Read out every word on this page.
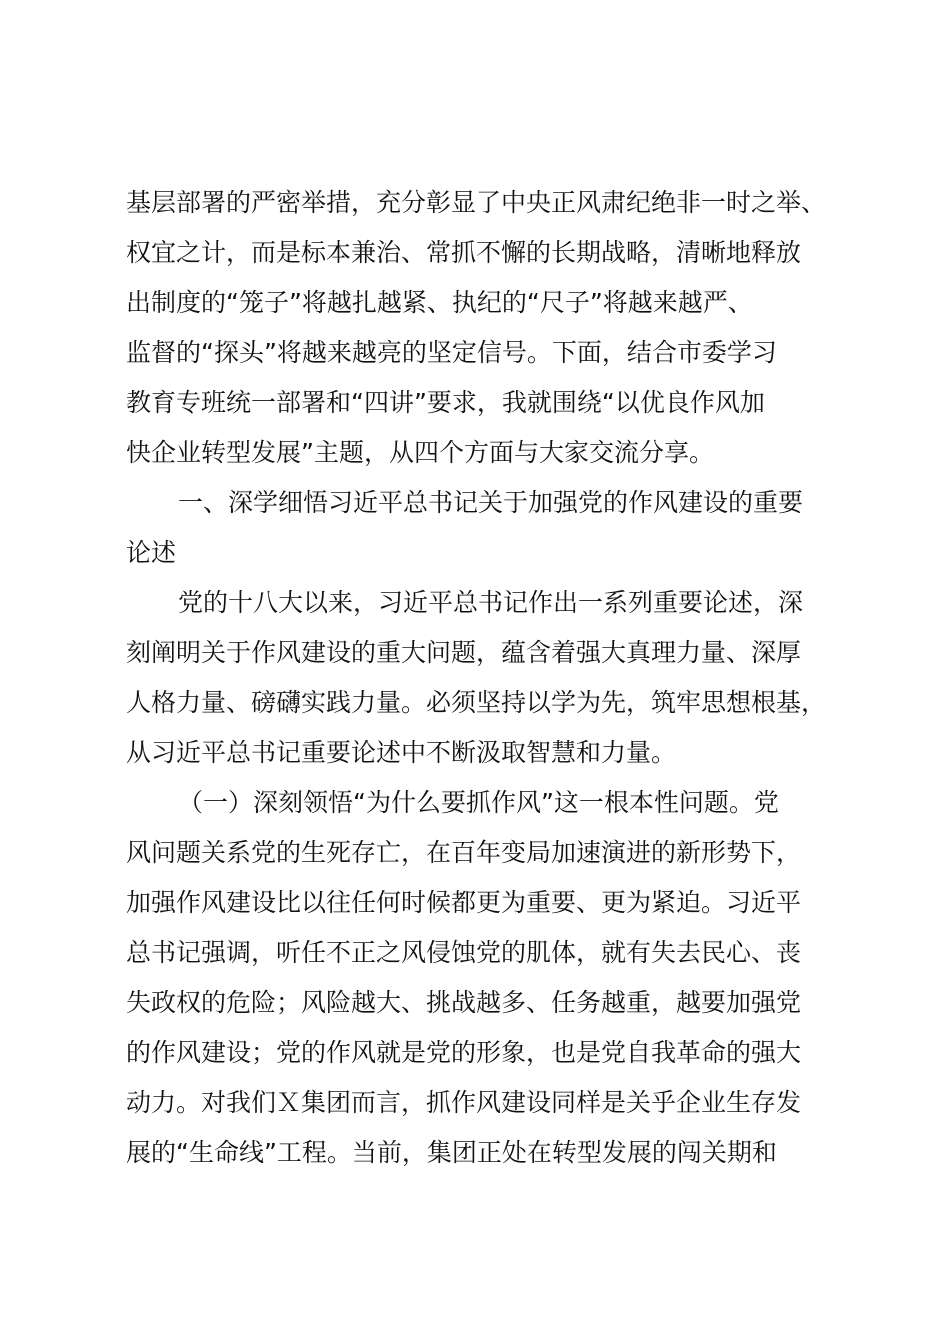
基层部署的严密举措，充分彰显了中央正风肃纪绝非一时之举、
权宜之计，而是标本兼治、常抓不懈的长期战略，清晰地释放
出制度的“笼子”将越扎越紧、执纪的“尺子”将越来越严、
监督的“探头”将越来越亮的坚定信号。下面，结合市委学习
教育专班统一部署和“四讲”要求，我就围绕“以优良作风加
快企业转型发展”主题，从四个方面与大家交流分享。
一、深学细悟习近平总书记关于加强党的作风建设的重要
论述
党的十八大以来，习近平总书记作出一系列重要论述，深
刻阐明关于作风建设的重大问题，蕴含着强大真理力量、深厚
人格力量、磅礴实践力量。必须坚持以学为先，筑牢思想根基，
从习近平总书记重要论述中不断汲取智慧和力量。
（一）深刻领悟“为什么要抓作风”这一根本性问题。党
风问题关系党的生死存亡，在百年变局加速演进的新形势下，
加强作风建设比以往任何时候都更为重要、更为紧迫。习近平
总书记强调，听任不正之风侵蚀党的肌体，就有失去民心、丧
失政权的危险；风险越大、挑战越多、任务越重，越要加强党
的作风建设；党的作风就是党的形象，也是党自我革命的强大
动力。对我们Ｘ集团而言，抓作风建设同样是关乎企业生存发
展的“生命线”工程。当前，集团正处在转型发展的闯关期和
